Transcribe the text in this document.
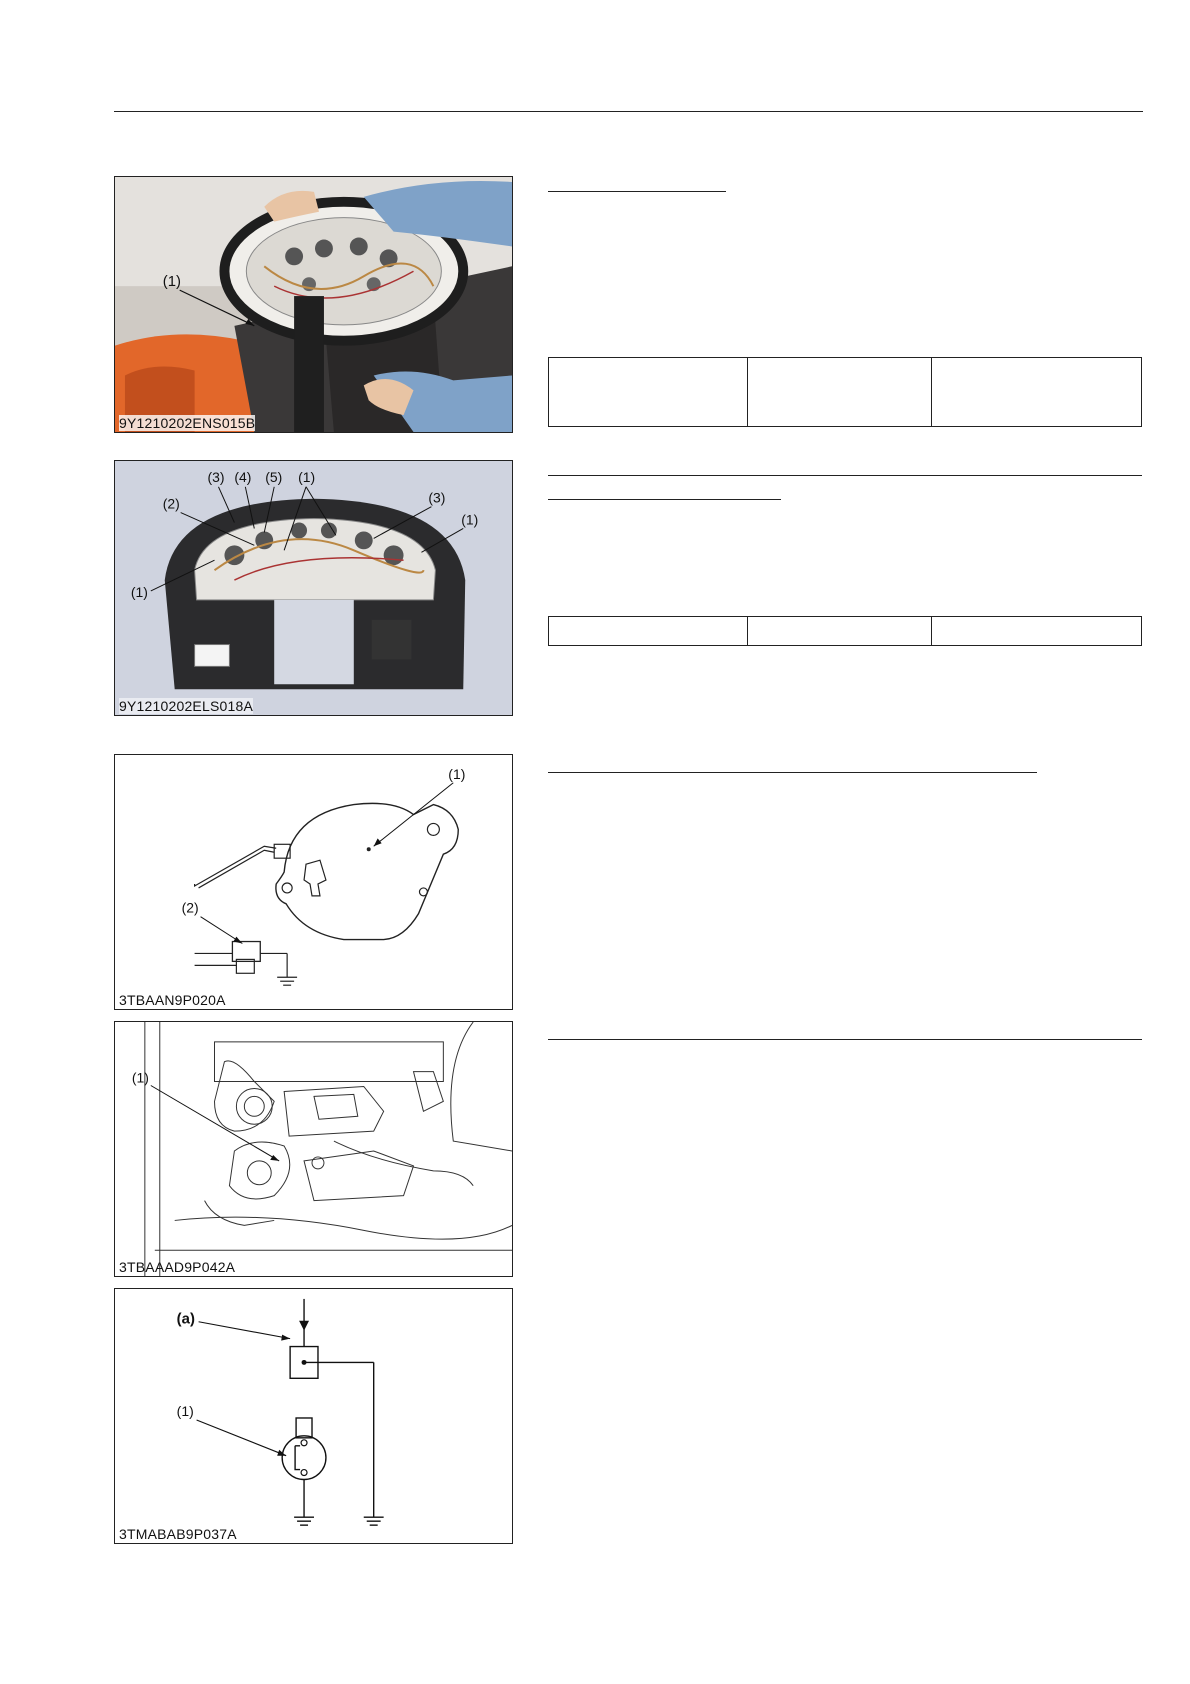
(1)
9Y1210202ENS015B
(3) (4) (5) (1)
(2)	(3)
(1)
(1)
9Y1210202ELS018A
(1)
(2)
3TBAAN9P020A
(1)
3TBAAAD9P042A
(a)
(1)
3TMABAB9P037A
